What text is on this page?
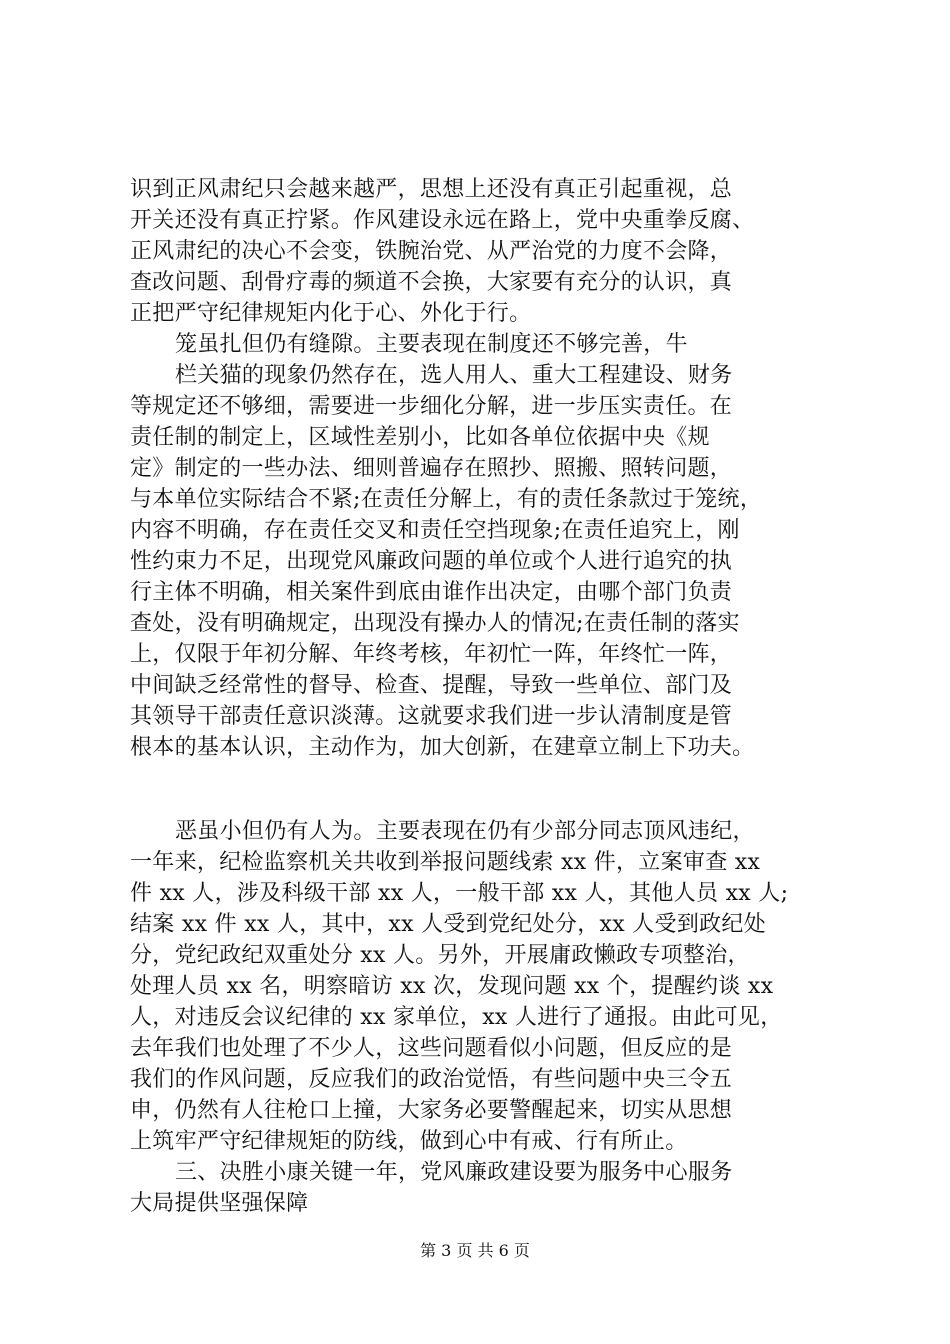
识到正风肃纪只会越来越严，思想上还没有真正引起重视，总
开关还没有真正拧紧。作风建设永远在路上，党中央重拳反腐、
正风肃纪的决心不会变，铁腕治党、从严治党的力度不会降，
查改问题、刮骨疗毒的频道不会换，大家要有充分的认识，真
正把严守纪律规矩内化于心、外化于行。
笼虽扎但仍有缝隙。主要表现在制度还不够完善，牛
栏关猫的现象仍然存在，选人用人、重大工程建设、财务
等规定还不够细，需要进一步细化分解，进一步压实责任。在
责任制的制定上，区域性差别小，比如各单位依据中央《规
定》制定的一些办法、细则普遍存在照抄、照搬、照转问题，
与本单位实际结合不紧;在责任分解上，有的责任条款过于笼统，
内容不明确，存在责任交叉和责任空挡现象;在责任追究上，刚
性约束力不足，出现党风廉政问题的单位或个人进行追究的执
行主体不明确，相关案件到底由谁作出决定，由哪个部门负责
查处，没有明确规定，出现没有操办人的情况;在责任制的落实
上，仅限于年初分解、年终考核，年初忙一阵，年终忙一阵，
中间缺乏经常性的督导、检查、提醒，导致一些单位、部门及
其领导干部责任意识淡薄。这就要求我们进一步认清制度是管
根本的基本认识，主动作为，加大创新，在建章立制上下功夫。
恶虽小但仍有人为。主要表现在仍有少部分同志顶风违纪，
一年来，纪检监察机关共收到举报问题线索 xx 件，立案审查 xx
件 xx 人，涉及科级干部 xx 人，一般干部 xx 人，其他人员 xx 人;
结案 xx 件 xx 人，其中，xx 人受到党纪处分，xx 人受到政纪处
分，党纪政纪双重处分 xx 人。另外，开展庸政懒政专项整治，
处理人员 xx 名，明察暗访 xx 次，发现问题 xx 个，提醒约谈 xx
人，对违反会议纪律的 xx 家单位，xx 人进行了通报。由此可见，
去年我们也处理了不少人，这些问题看似小问题，但反应的是
我们的作风问题，反应我们的政治觉悟，有些问题中央三令五
申，仍然有人往枪口上撞，大家务必要警醒起来，切实从思想
上筑牢严守纪律规矩的防线，做到心中有戒、行有所止。
三、决胜小康关键一年，党风廉政建设要为服务中心服务
大局提供坚强保障
第 3 页 共 6 页
